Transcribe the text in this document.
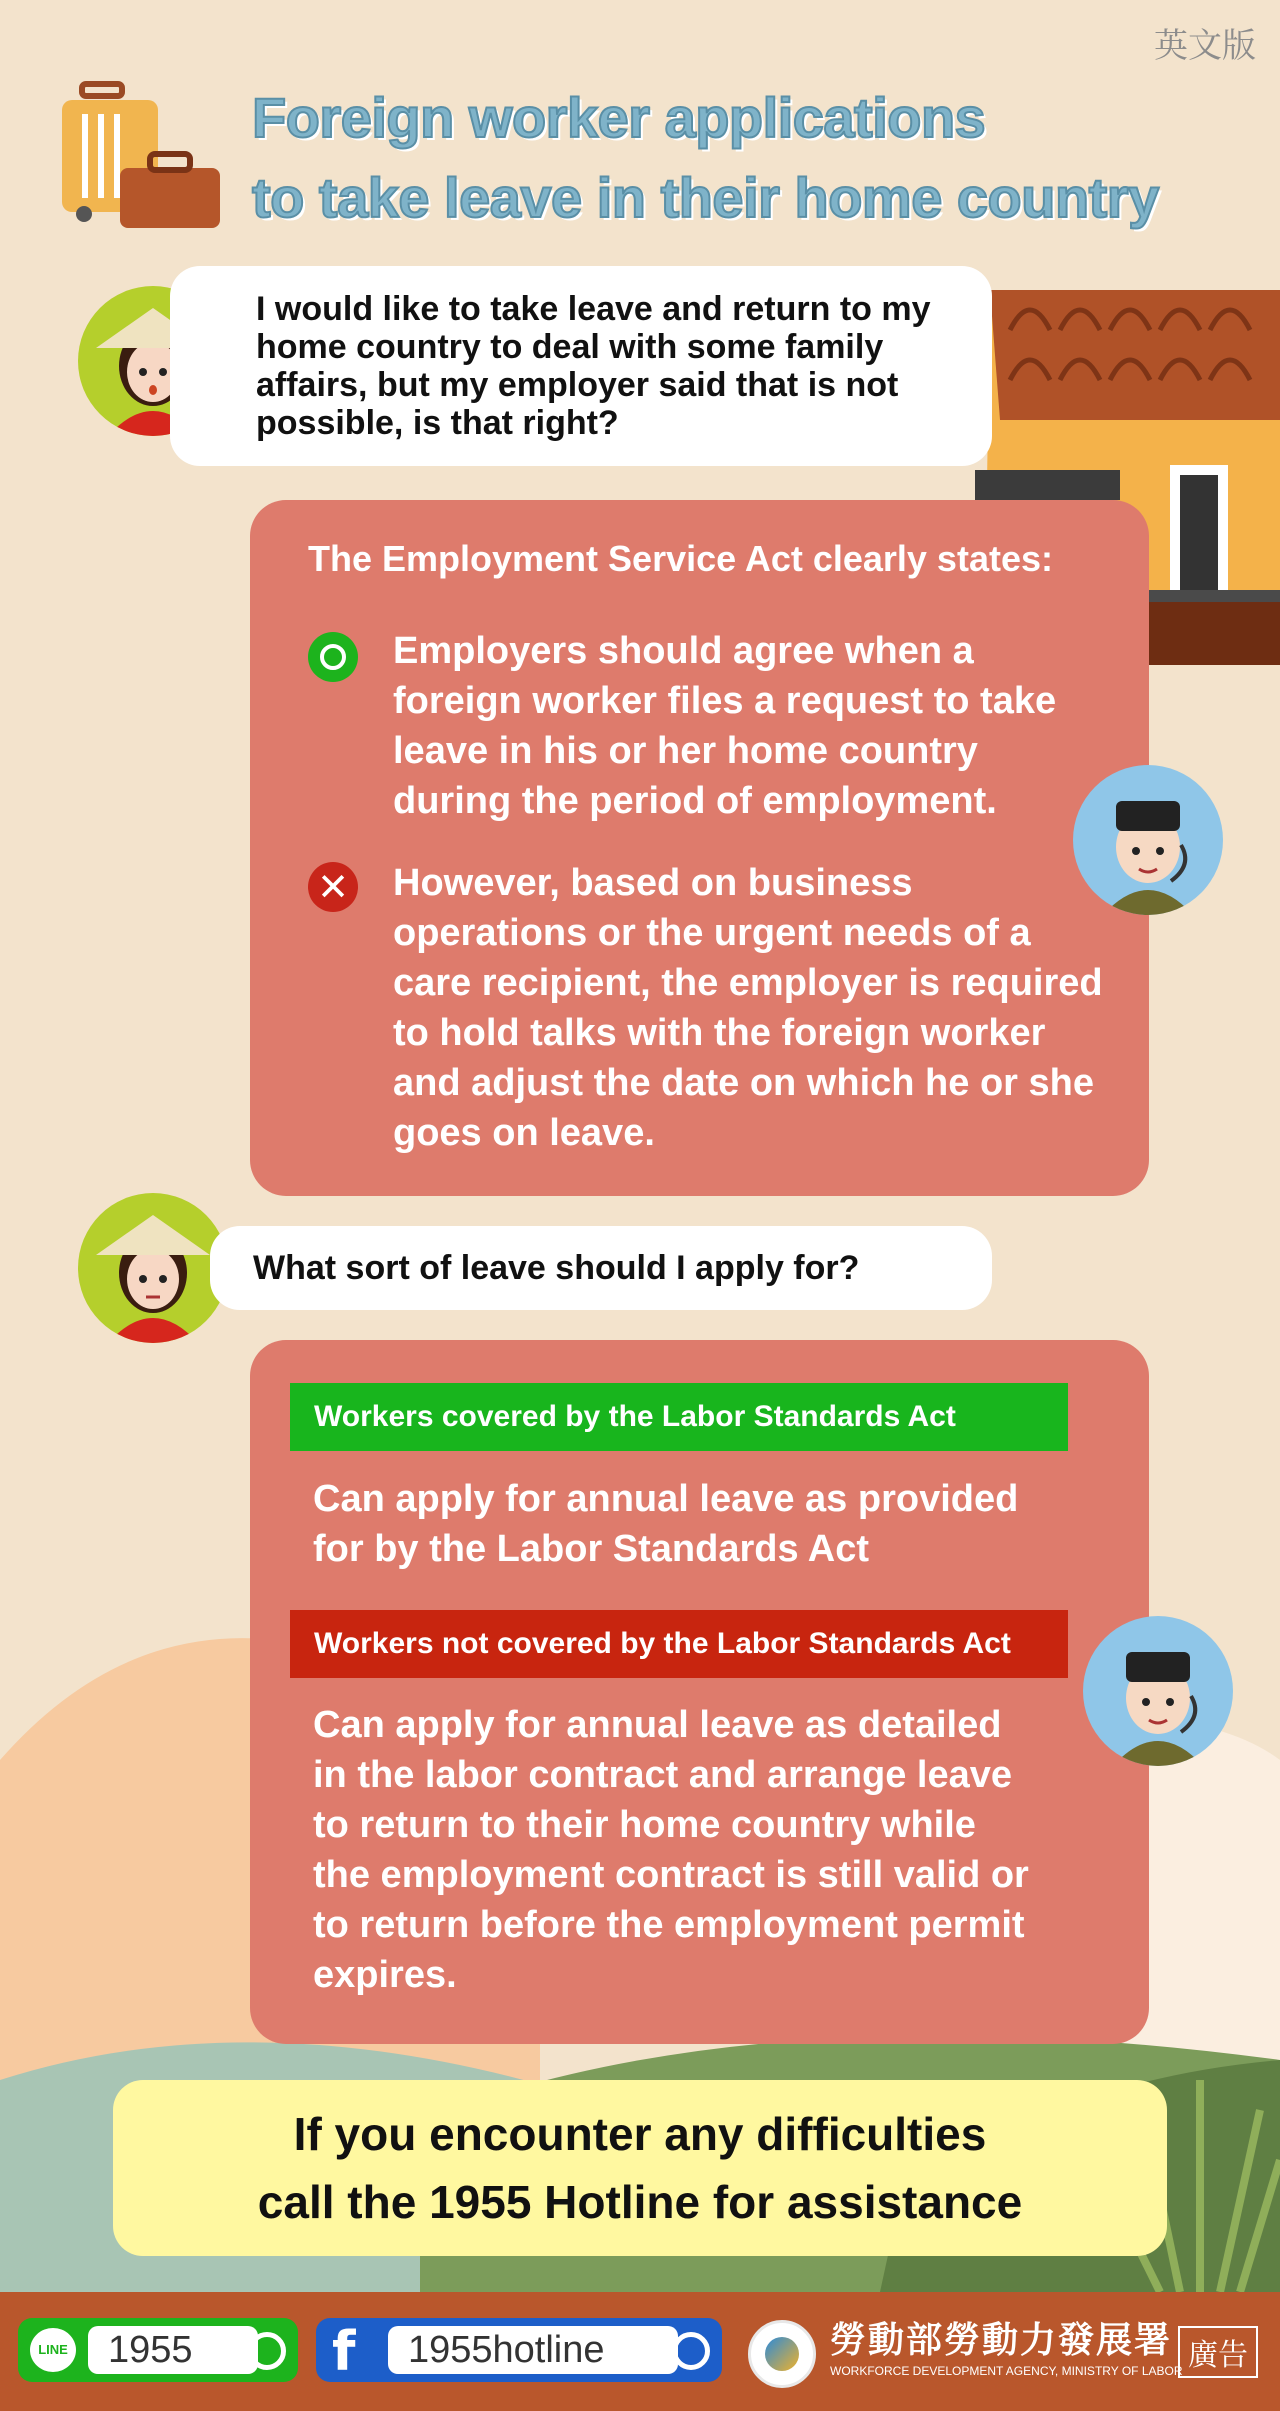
英文版
Foreign worker applications
to take leave in their home country
I would like to take leave and return to my home country to deal with some family affairs, but my employer said that is not possible, is that right?
The Employment Service Act clearly states:
Employers should agree when a foreign worker files a request to take leave in his or her home country during the period of employment.
✕ However, based on business operations or the urgent needs of a care recipient, the employer is required to hold talks with the foreign worker and adjust the date on which he or she goes on leave.
What sort of leave should I apply for?
Workers covered by the Labor Standards Act
Can apply for annual leave as provided for by the Labor Standards Act
Workers not covered by the Labor Standards Act
Can apply for annual leave as detailed in the labor contract and arrange leave to return to their home country while the employment contract is still valid or to return before the employment permit expires.
If you encounter any difficulties
call the 1955 Hotline for assistance
LINE	1955	f	1955hotline	勞動部勞動力發展署
WORKFORCE DEVELOPMENT AGENCY, MINISTRY OF LABOR 廣告
